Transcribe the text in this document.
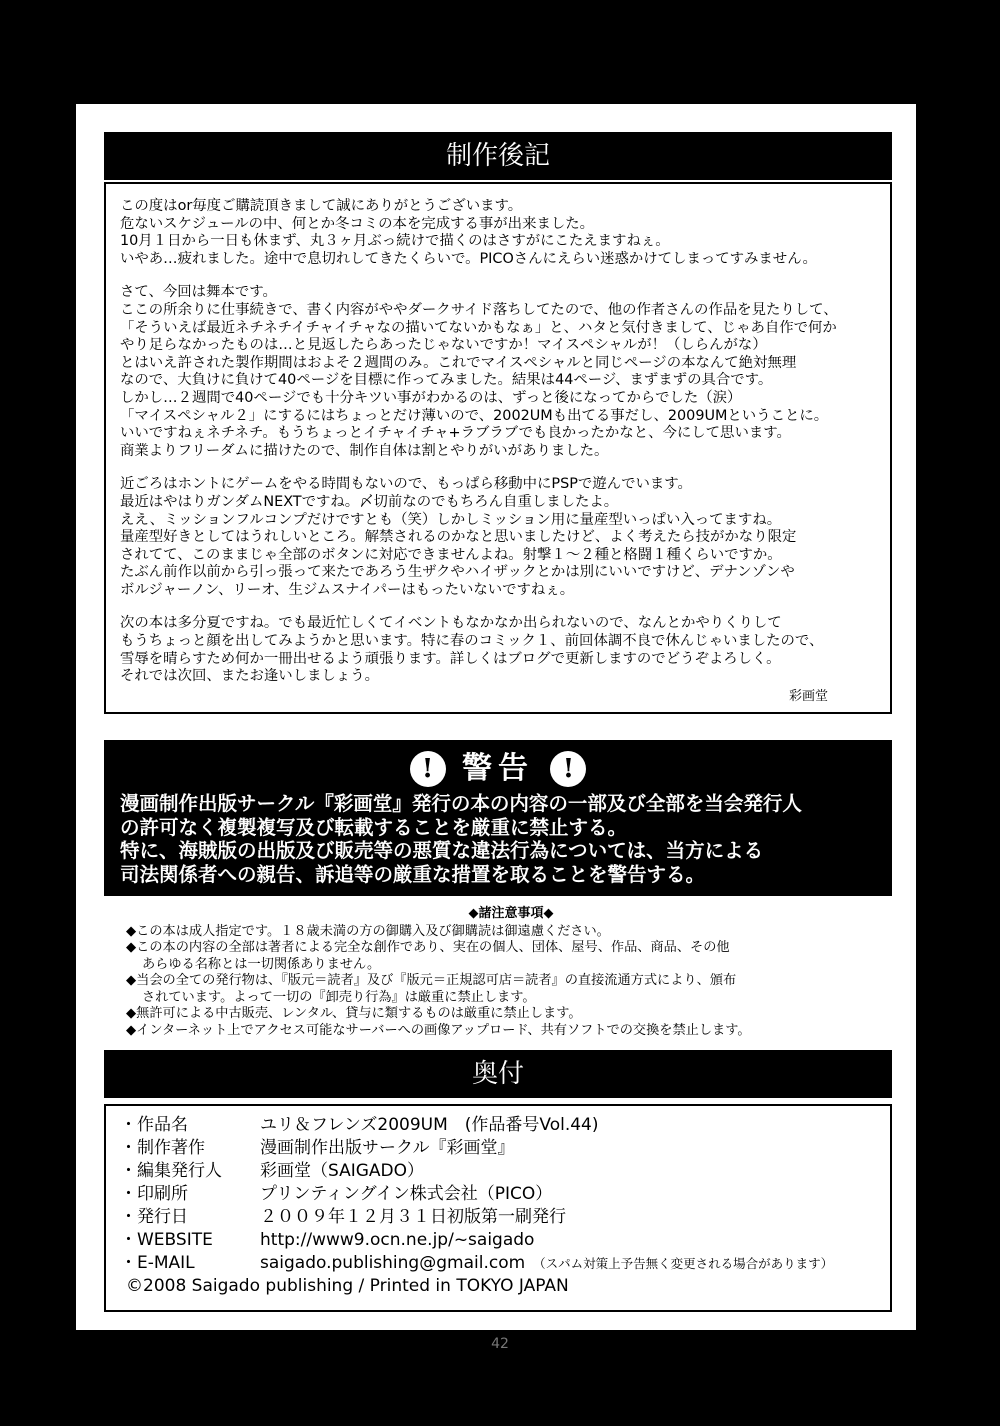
制作後記

この度はor毎度ご購読頂きまして誠にありがとうございます。
危ないスケジュールの中、何とか冬コミの本を完成する事が出来ました。
10月１日から一日も休まず、丸３ヶ月ぶっ続けで描くのはさすがにこたえますねぇ。
いやあ…疲れました。途中で息切れしてきたくらいで。PICOさんにえらい迷惑かけてしまってすみません。

さて、今回は舞本です。
ここの所余りに仕事続きで、書く内容がややダークサイド落ちしてたので、他の作者さんの作品を見たりして、
「そういえば最近ネチネチイチャイチャなの描いてないかもなぁ」と、ハタと気付きまして、じゃあ自作で何か
やり足らなかったものは…と見返したらあったじゃないですか！マイスペシャルが！（しらんがな）
とはいえ許された製作期間はおよそ２週間のみ。これでマイスペシャルと同じページの本なんて絶対無理
なので、大負けに負けて40ページを目標に作ってみました。結果は44ページ、まずまずの具合です。
しかし…２週間で40ページでも十分キツい事がわかるのは、ずっと後になってからでした（涙）
「マイスペシャル２」にするにはちょっとだけ薄いので、2002UMも出てる事だし、2009UMということに。
いいですねぇネチネチ。もうちょっとイチャイチャ+ラブラブでも良かったかなと、今にして思います。
商業よりフリーダムに描けたので、制作自体は割とやりがいがありました。

近ごろはホントにゲームをやる時間もないので、もっぱら移動中にPSPで遊んでいます。
最近はやはりガンダムNEXTですね。〆切前なのでもちろん自重しましたよ。
ええ、ミッションフルコンプだけですとも（笑）しかしミッション用に量産型いっぱい入ってますね。
量産型好きとしてはうれしいところ。解禁されるのかなと思いましたけど、よく考えたら技がかなり限定
されてて、このままじゃ全部のボタンに対応できませんよね。射撃１～２種と格闘１種くらいですか。
たぶん前作以前から引っ張って来たであろう生ザクやハイザックとかは別にいいですけど、デナンゾンや
ボルジャーノン、リーオ、生ジムスナイパーはもったいないですねぇ。

次の本は多分夏ですね。でも最近忙しくてイベントもなかなか出られないので、なんとかやりくりして
もうちょっと顔を出してみようかと思います。特に春のコミック１、前回体調不良で休んじゃいましたので、
雪辱を晴らすため何か一冊出せるよう頑張ります。詳しくはブログで更新しますのでどうぞよろしく。
それでは次回、またお逢いしましょう。

彩画堂
! 警告 !
漫画制作出版サークル『彩画堂』発行の本の内容の一部及び全部を当会発行人
の許可なく複製複写及び転載することを厳重に禁止する。
特に、海賊版の出版及び販売等の悪質な違法行為については、当方による
司法関係者への親告、訴追等の厳重な措置を取ることを警告する。
◆諸注意事項◆
◆この本は成人指定です。１８歳未満の方の御購入及び御購読は御遠慮ください。
◆この本の内容の全部は著者による完全な創作であり、実在の個人、団体、屋号、作品、商品、その他
あらゆる名称とは一切関係ありません。
◆当会の全ての発行物は、『版元＝読者』及び『版元＝正規認可店＝読者』の直接流通方式により、頒布
されています。よって一切の『卸売り行為』は厳重に禁止します。
◆無許可による中古販売、レンタル、貸与に類するものは厳重に禁止します。
◆インターネット上でアクセス可能なサーバーへの画像アップロード、共有ソフトでの交換を禁止します。
奥付
・作品名	ユリ＆フレンズ2009UM　(作品番号Vol.44)
・制作著作	漫画制作出版サークル『彩画堂』
・編集発行人	彩画堂（SAIGADO）
・印刷所	プリンティングイン株式会社（PICO）
・発行日	２００９年１２月３１日初版第一刷発行
・WEBSITE	http://www9.ocn.ne.jp/~saigado
・E-MAIL	saigado.publishing@gmail.com （スパム対策上予告無く変更される場合があります）
©2008 Saigado publishing / Printed in TOKYO JAPAN
42
